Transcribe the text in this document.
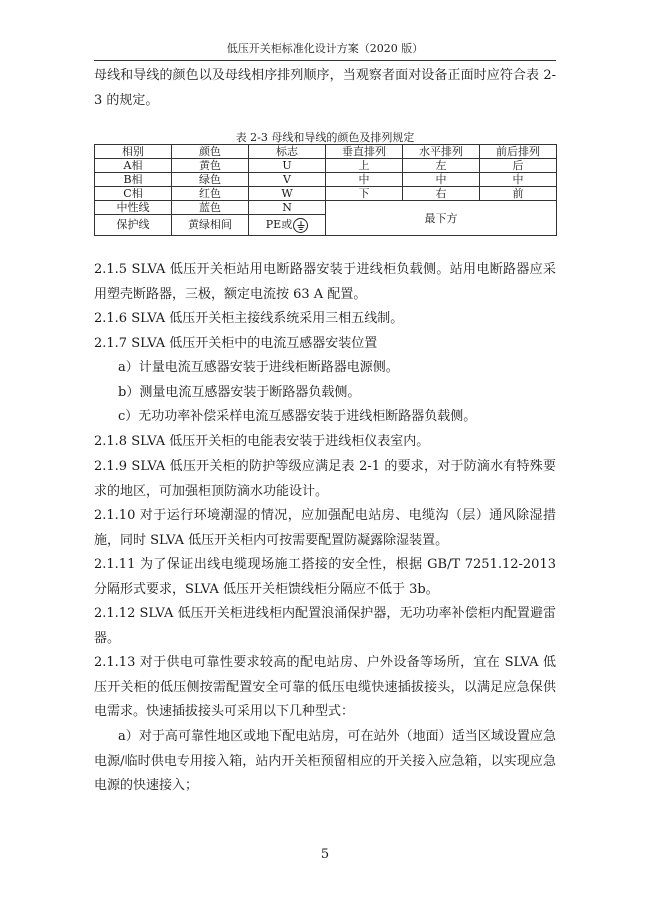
低压开关柜标准化设计方案（2020 版）

母线和导线的颜色以及母线相序排列顺序，当观察者面对设备正面时应符合表 2-3 的规定。

表 2-3 母线和导线的颜色及排列规定
相别	颜色	标志	垂直排列	水平排列	前后排列
A相	黄色	U	上	左	后
B相	绿色	V	中	中	中
C相	红色	W	下	右	前
中性线	蓝色	N	最下方		
保护线	黄绿相间	PE或			

2.1.5 SLVA 低压开关柜站用电断路器安装于进线柜负载侧。站用电断路器应采用塑壳断路器，三极，额定电流按 63 A 配置。

2.1.6 SLVA 低压开关柜主接线系统采用三相五线制。

2.1.7 SLVA 低压开关柜中的电流互感器安装位置

a）计量电流互感器安装于进线柜断路器电源侧。

b）测量电流互感器安装于断路器负载侧。

c）无功功率补偿采样电流互感器安装于进线柜断路器负载侧。

2.1.8 SLVA 低压开关柜的电能表安装于进线柜仪表室内。

2.1.9 SLVA 低压开关柜的防护等级应满足表 2-1 的要求，对于防滴水有特殊要求的地区，可加强柜顶防滴水功能设计。

2.1.10 对于运行环境潮湿的情况，应加强配电站房、电缆沟（层）通风除湿措施，同时 SLVA 低压开关柜内可按需要配置防凝露除湿装置。

2.1.11 为了保证出线电缆现场施工搭接的安全性，根据 GB/T 7251.12-2013 分隔形式要求，SLVA 低压开关柜馈线柜分隔应不低于 3b。

2.1.12 SLVA 低压开关柜进线柜内配置浪涌保护器，无功功率补偿柜内配置避雷器。

2.1.13 对于供电可靠性要求较高的配电站房、户外设备等场所，宜在 SLVA 低压开关柜的低压侧按需配置安全可靠的低压电缆快速插拔接头，以满足应急保供电需求。快速插拔接头可采用以下几种型式：

a）对于高可靠性地区或地下配电站房，可在站外（地面）适当区域设置应急电源/临时供电专用接入箱，站内开关柜预留相应的开关接入应急箱，以实现应急电源的快速接入；

5
